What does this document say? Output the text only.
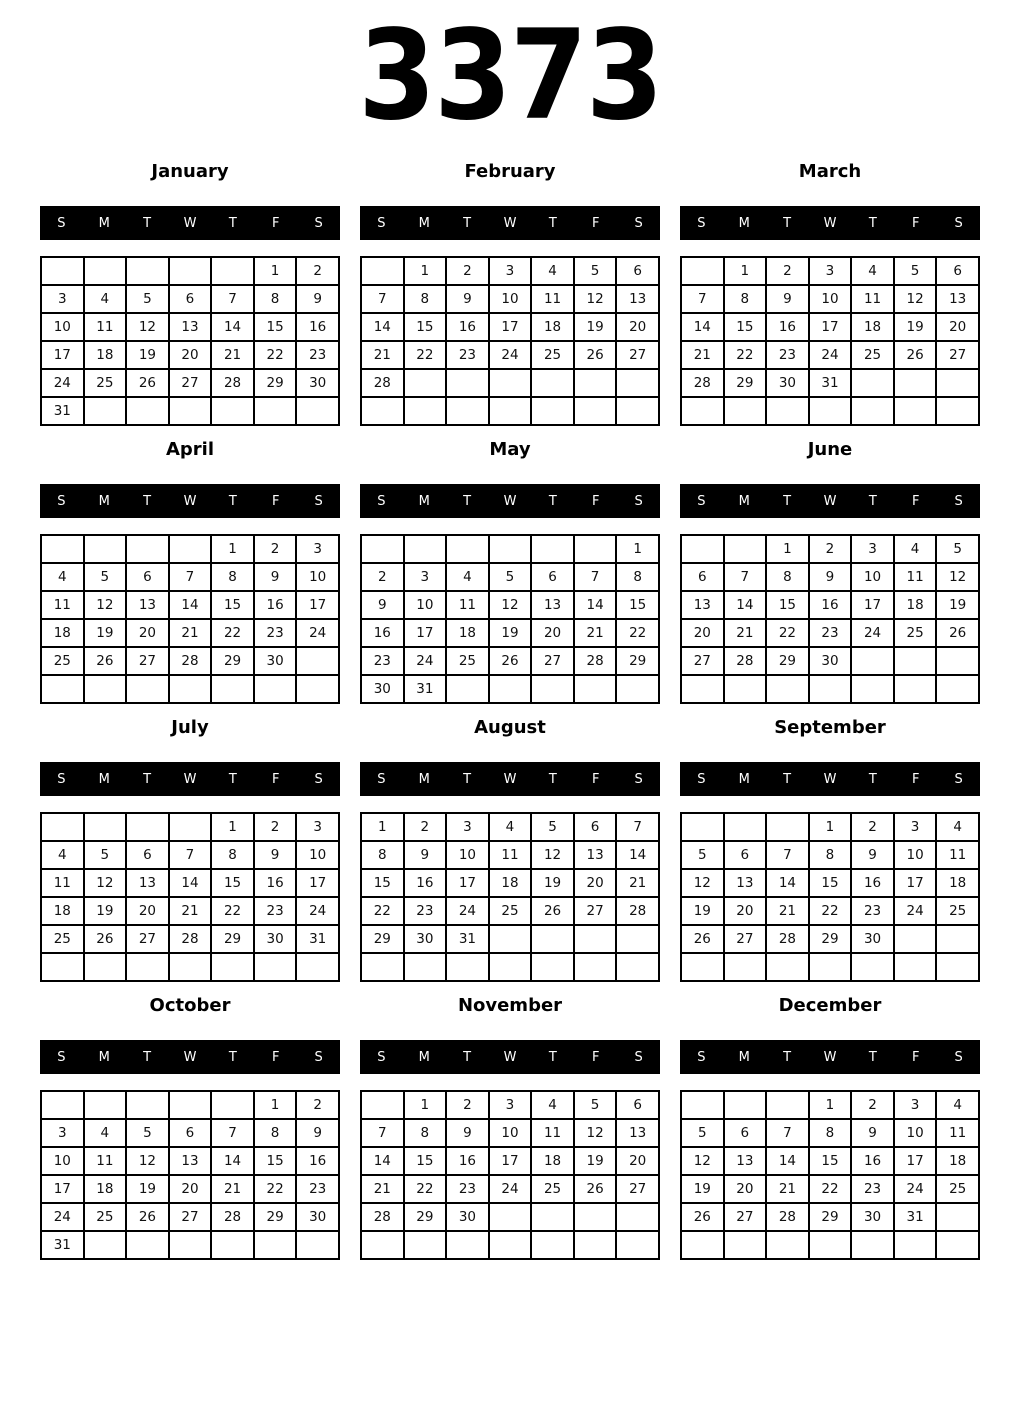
3373
January
S	M	T	W	T	F	S
					1	2
3	4	5	6	7	8	9
10	11	12	13	14	15	16
17	18	19	20	21	22	23
24	25	26	27	28	29	30
31						
February
S	M	T	W	T	F	S
	1	2	3	4	5	6
7	8	9	10	11	12	13
14	15	16	17	18	19	20
21	22	23	24	25	26	27
28						

March
S	M	T	W	T	F	S
	1	2	3	4	5	6
7	8	9	10	11	12	13
14	15	16	17	18	19	20
21	22	23	24	25	26	27
28	29	30	31			

April
S	M	T	W	T	F	S
				1	2	3
4	5	6	7	8	9	10
11	12	13	14	15	16	17
18	19	20	21	22	23	24
25	26	27	28	29	30	

May
S	M	T	W	T	F	S
						1
2	3	4	5	6	7	8
9	10	11	12	13	14	15
16	17	18	19	20	21	22
23	24	25	26	27	28	29
30	31					
June
S	M	T	W	T	F	S
		1	2	3	4	5
6	7	8	9	10	11	12
13	14	15	16	17	18	19
20	21	22	23	24	25	26
27	28	29	30			

July
S	M	T	W	T	F	S
				1	2	3
4	5	6	7	8	9	10
11	12	13	14	15	16	17
18	19	20	21	22	23	24
25	26	27	28	29	30	31

August
S	M	T	W	T	F	S
1	2	3	4	5	6	7
8	9	10	11	12	13	14
15	16	17	18	19	20	21
22	23	24	25	26	27	28
29	30	31				

September
S	M	T	W	T	F	S
			1	2	3	4
5	6	7	8	9	10	11
12	13	14	15	16	17	18
19	20	21	22	23	24	25
26	27	28	29	30		

October
S	M	T	W	T	F	S
					1	2
3	4	5	6	7	8	9
10	11	12	13	14	15	16
17	18	19	20	21	22	23
24	25	26	27	28	29	30
31						
November
S	M	T	W	T	F	S
	1	2	3	4	5	6
7	8	9	10	11	12	13
14	15	16	17	18	19	20
21	22	23	24	25	26	27
28	29	30				

December
S	M	T	W	T	F	S
			1	2	3	4
5	6	7	8	9	10	11
12	13	14	15	16	17	18
19	20	21	22	23	24	25
26	27	28	29	30	31	
